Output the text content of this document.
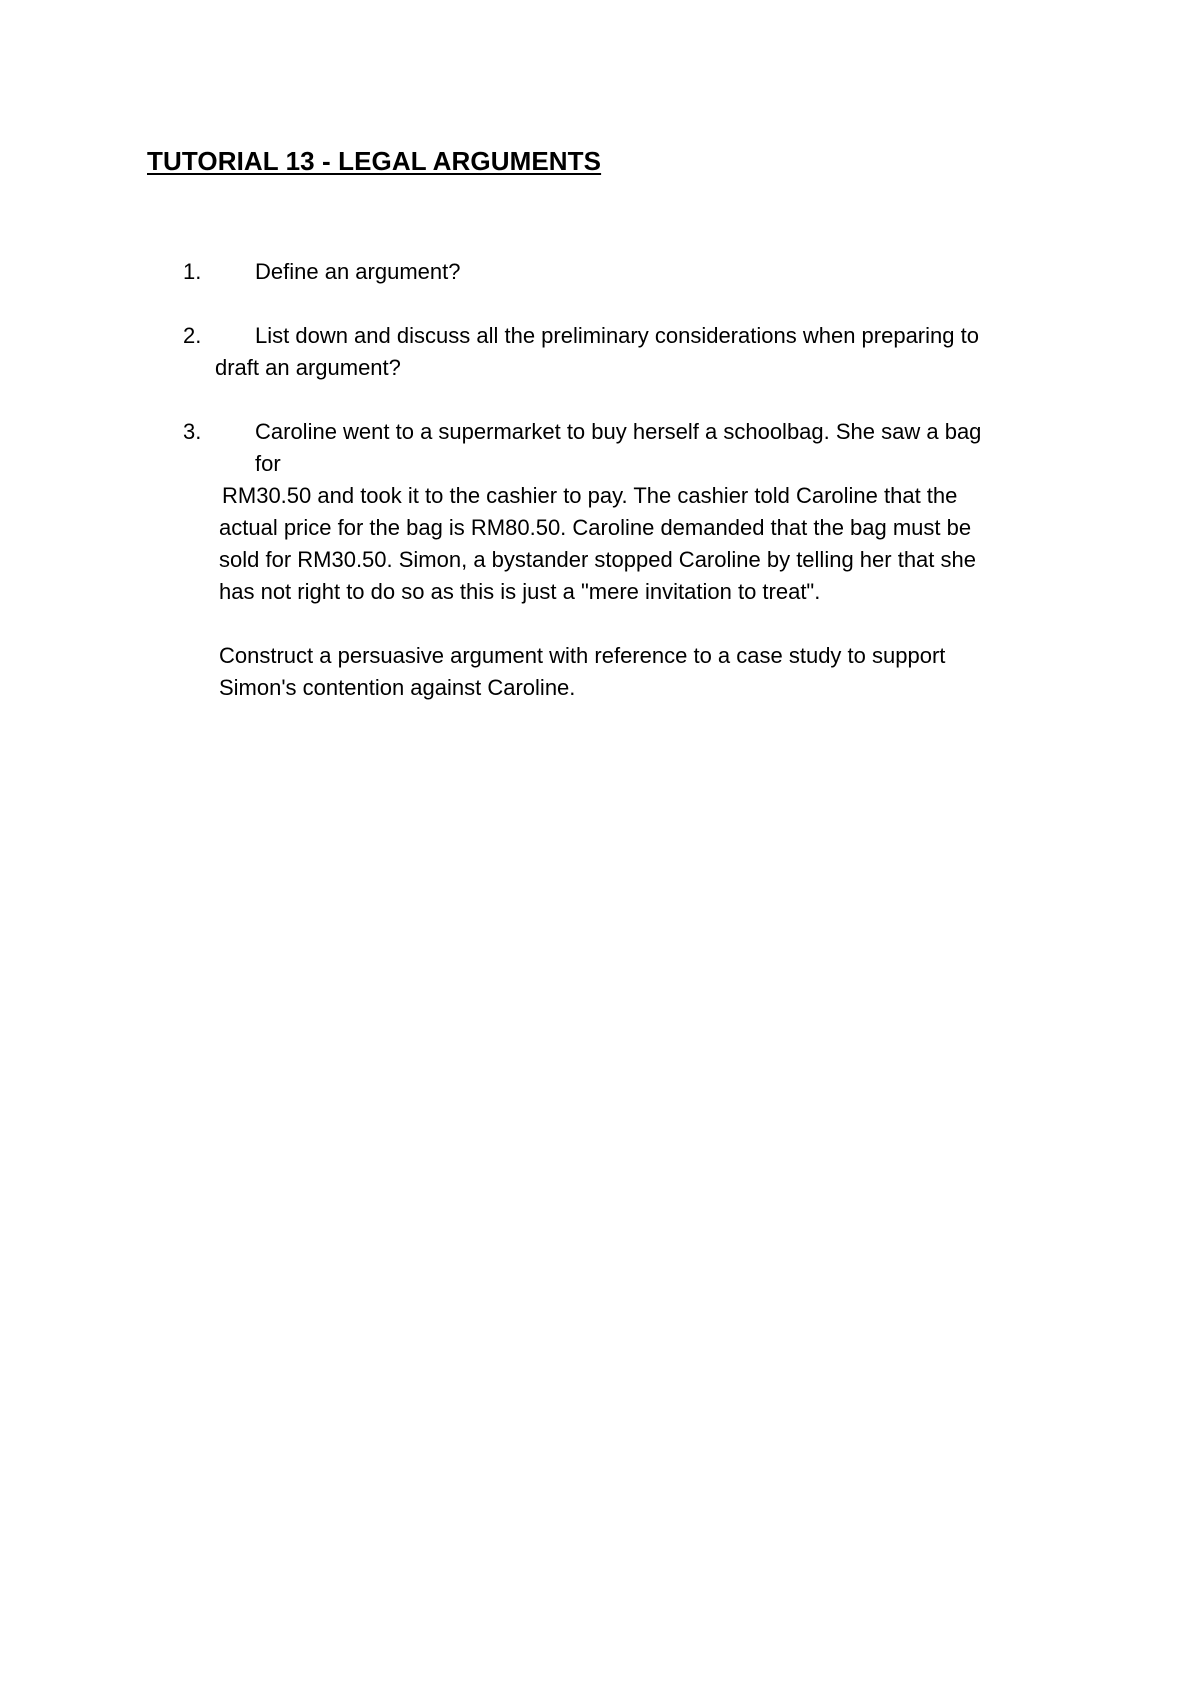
TUTORIAL 13 - LEGAL ARGUMENTS
1. Define an argument?
2. List down and discuss all the preliminary considerations when preparing to
draft an argument?
3. Caroline went to a supermarket to buy herself a schoolbag. She saw a bag
for
RM30.50 and took it to the cashier to pay. The cashier told Caroline that the
actual price for the bag is RM80.50. Caroline demanded that the bag must be
sold for RM30.50. Simon, a bystander stopped Caroline by telling her that she
has not right to do so as this is just a "mere invitation to treat".
Construct a persuasive argument with reference to a case study to support
Simon's contention against Caroline.
